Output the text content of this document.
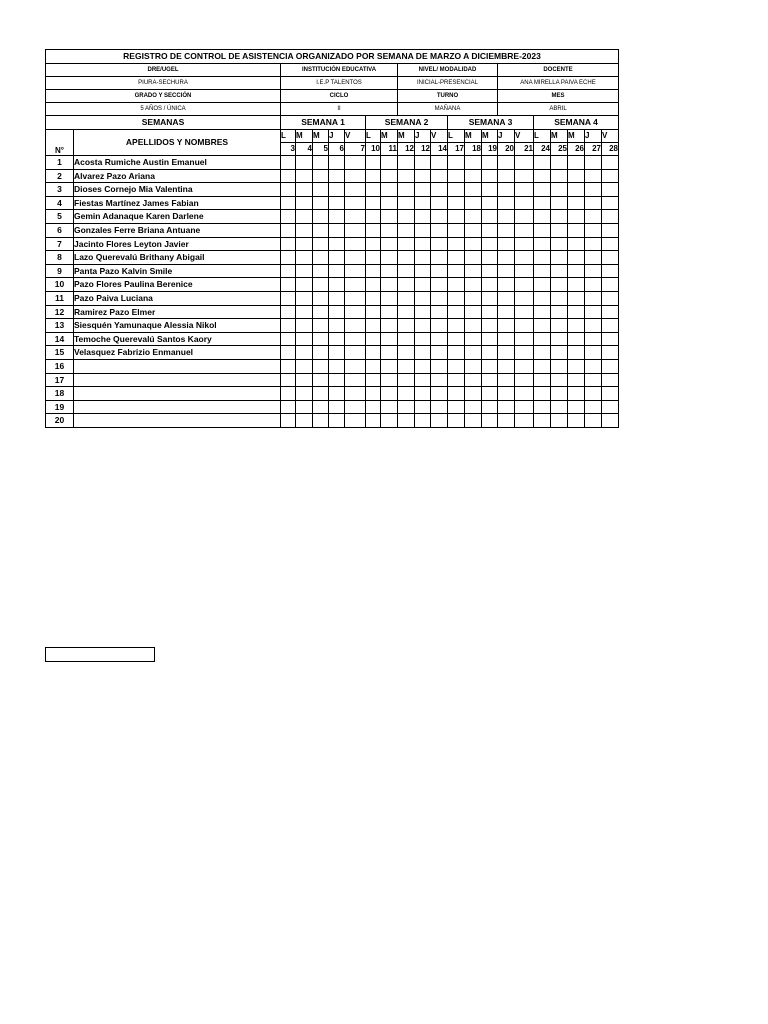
REGISTRO DE CONTROL DE ASISTENCIA ORGANIZADO POR SEMANA DE MARZO A DICIEMBRE-2023																					
DRE/UGEL		INSTITUCIÓN EDUCATIVA							NIVEL/ MODALIDAD						DOCENTE						
PIURA-SECHURA		I.E.P TALENTOS							INICIAL-PRESENCIAL						ANA MIRELLA PAIVA ECHE						
GRADO Y SECCIÓN		CICLO							TURNO						MES						
5 AÑOS / ÚNICA		II							MAÑANA						ABRIL						
SEMANAS		SEMANA 1					SEMANA 2					SEMANA 3					SEMANA 4				
N°	APELLIDOS Y NOMBRES	L	M	M	J	V	L	M	M	J	V	L	M	M	J	V	L	M	M	J	V
		3	4	5	6	7	10	11	12	12	14	17	18	19	20	21	24	25	26	27	28
1	Acosta Rumiche Austin Emanuel																				
2	Alvarez Pazo Ariana																				
3	Dioses Cornejo Mia Valentina																				
4	Fiestas Martínez James Fabian																				
5	Gemin Adanaque Karen Darlene																				
6	Gonzales Ferre Briana Antuane																				
7	Jacinto Flores Leyton Javier																				
8	Lazo Querevalú Brithany Abigail																				
9	Panta Pazo Kalvin Smile																				
10	Pazo Flores Paulina Berenice																				
11	Pazo Paiva Luciana																				
12	Ramirez Pazo Elmer																				
13	Siesquén Yamunaque Alessia Nikol																				
14	Temoche Querevalú Santos Kaory																				
15	Velasquez Fabrizio Enmanuel																				
16																					
17																					
18																					
19																					
20																					
